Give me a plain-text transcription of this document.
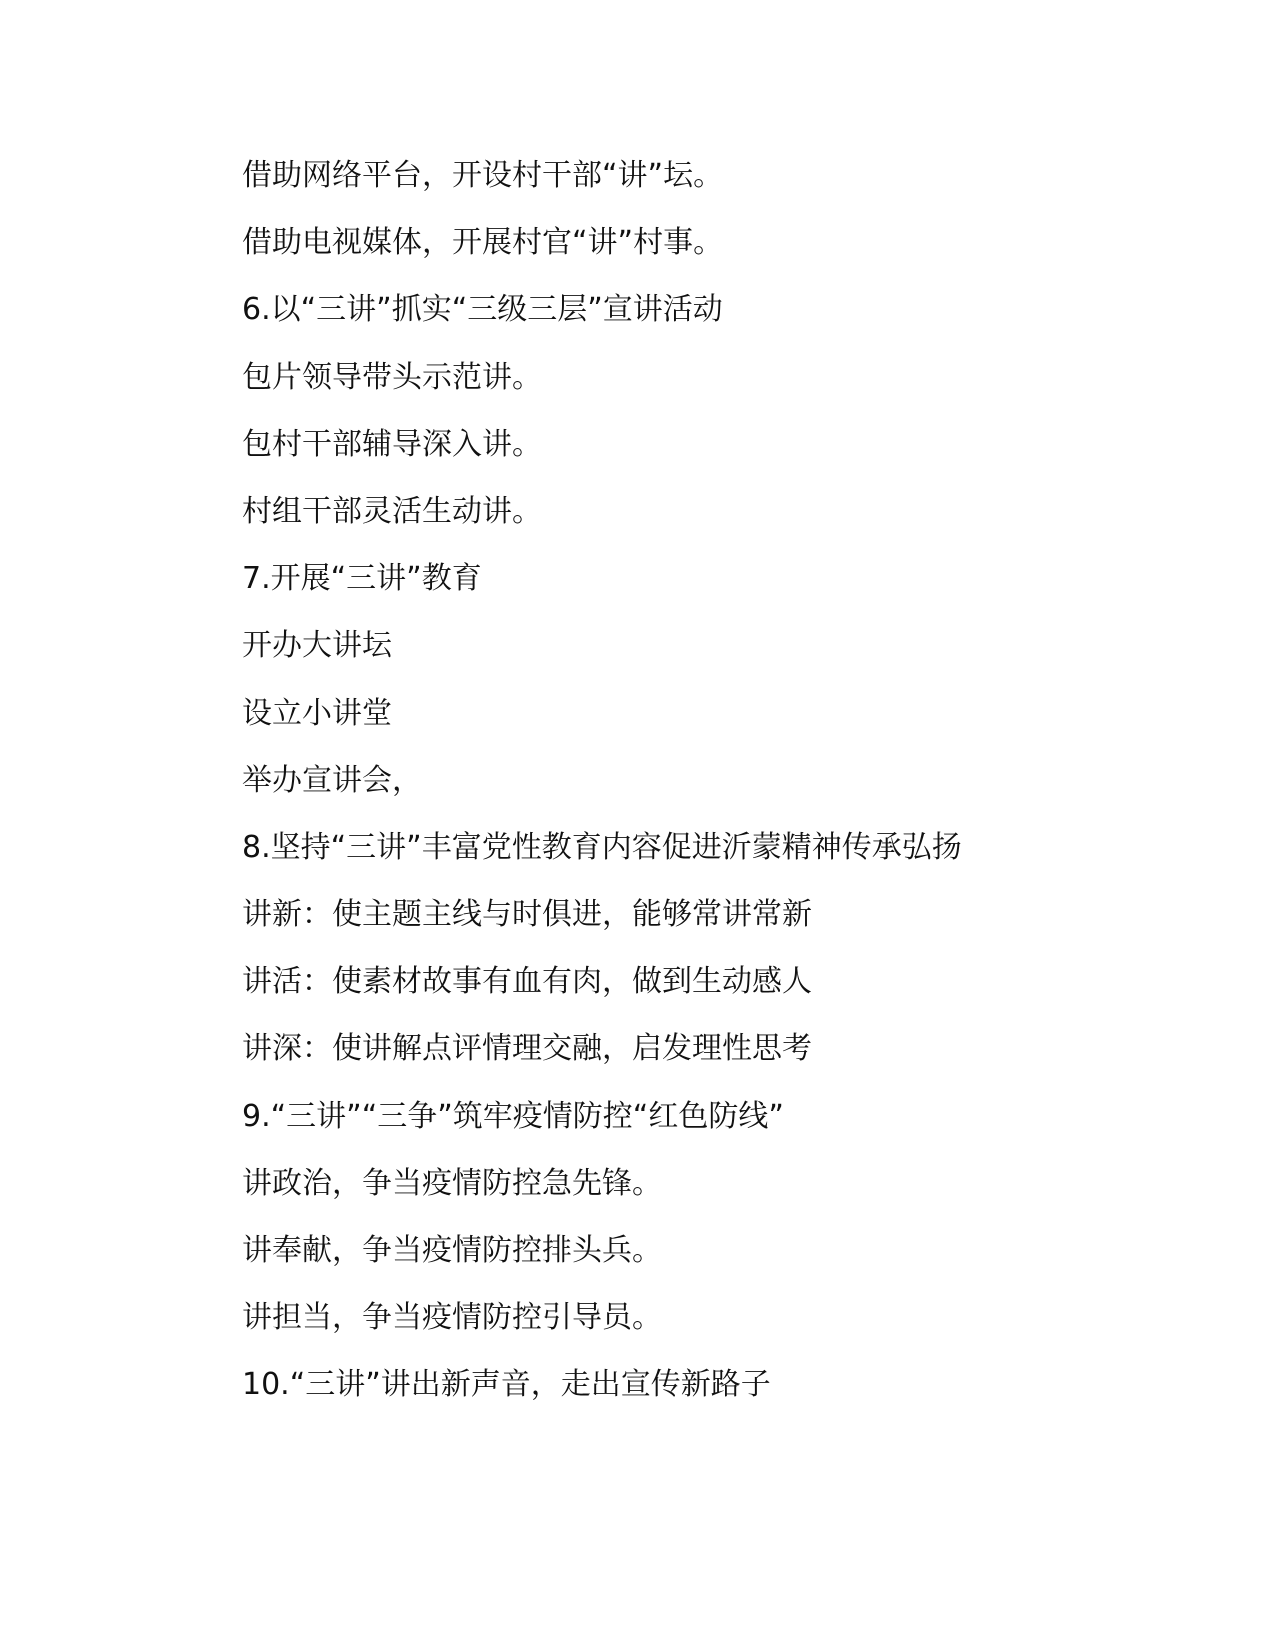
借助网络平台，开设村干部“讲”坛。
借助电视媒体，开展村官“讲”村事。
6.以“三讲”抓实“三级三层”宣讲活动
包片领导带头示范讲。
包村干部辅导深入讲。
村组干部灵活生动讲。
7.开展“三讲”教育
开办大讲坛
设立小讲堂
举办宣讲会，
8.坚持“三讲”丰富党性教育内容促进沂蒙精神传承弘扬
讲新：使主题主线与时俱进，能够常讲常新
讲活：使素材故事有血有肉，做到生动感人
讲深：使讲解点评情理交融，启发理性思考
9.“三讲”“三争”筑牢疫情防控“红色防线”
讲政治，争当疫情防控急先锋。
讲奉献，争当疫情防控排头兵。
讲担当，争当疫情防控引导员。
10.“三讲”讲出新声音，走出宣传新路子
